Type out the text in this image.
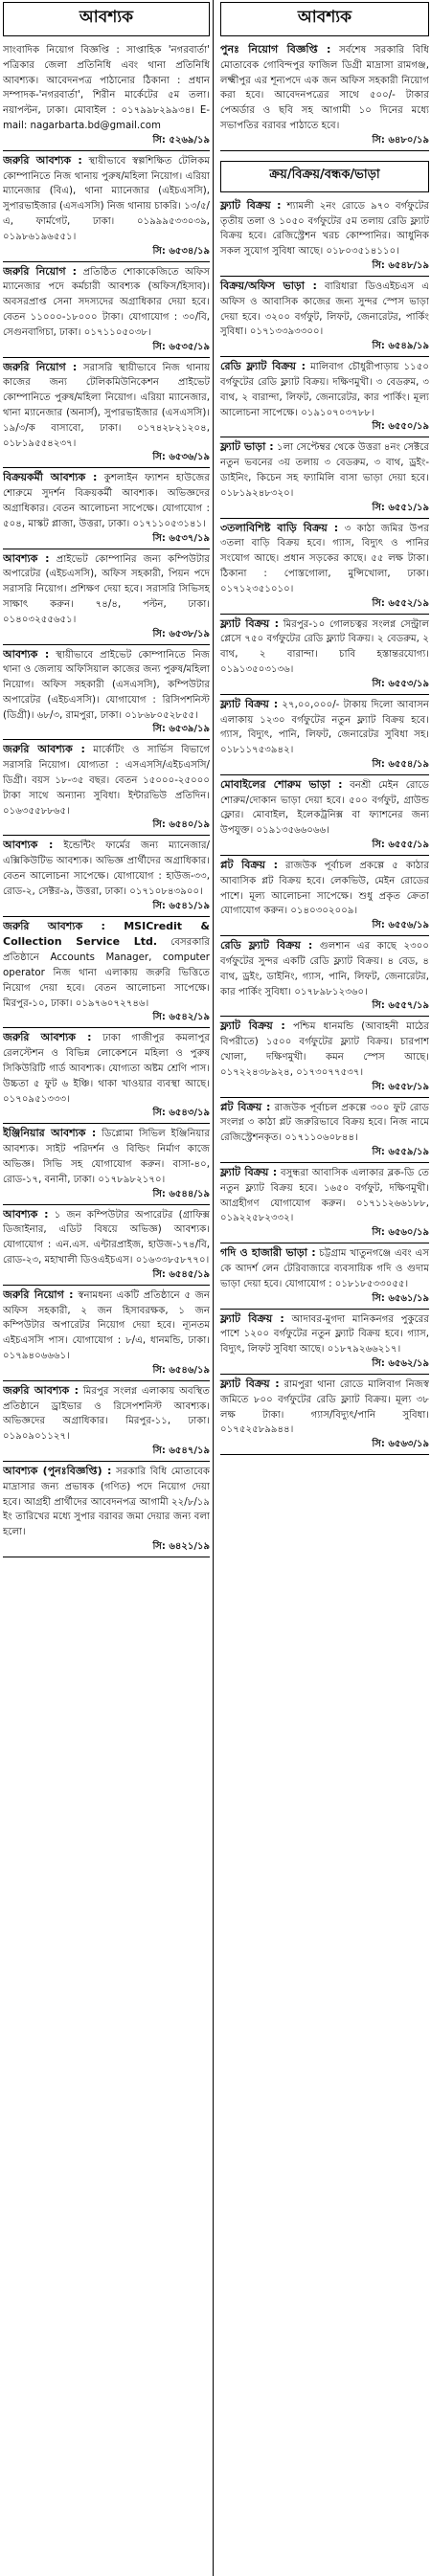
আবশ্যক

সাংবাদিক নিয়োগ বিজ্ঞপ্তি : সাপ্তাহিক 'নগরবার্তা' পত্রিকার জেলা প্রতিনিধি এবং থানা প্রতিনিধি আবশ্যক। আবেদনপত্র পাঠানোর ঠিকানা : প্রধান সম্পাদক-'নগরবার্তা', শিরীন মার্কেটের ৫ম তলা। নয়াপল্টন, ঢাকা। মোবাইল : ০১৭৯৯৮২৯৯৩৪। E-mail: nagarbarta.bd@gmail.com

সি: ৫২৬৯/১৯

জরুরি আবশ্যক : স্থায়ীভাবে স্বল্পশিক্ষিত টেলিকম কোম্পানিতে নিজ থানায় পুরুষ/মহিলা নিয়োগ। এরিয়া ম্যানেজার (বিএ), থানা ম্যানেজার (এইচএসসি), সুপারভাইজার (এসএসসি) নিজ থানায় চাকরি। ১৩/৫/এ, ফার্মগেট, ঢাকা। ০১৯৯৯৫৩৩০৩৯, ০১৯৮৬১৯৬৫৫১।

সি: ৬৫৩৪/১৯

জরুরি নিয়োগ : প্রতিষ্ঠিত শোকাকেজিতে অফিস ম্যানেজার পদে কর্মচারী আবশ্যক (অফিস/হিসাব)। অবসরপ্রাপ্ত সেনা সদস্যদের অগ্রাধিকার দেয়া হবে। বেতন ১১০০০-১৮০০০ টাকা। যোগাযোগ : ৩০/বি, সেগুনবাগিচা, ঢাকা। ০১৭১১০৫০৩৮।

সি: ৬৫৩৫/১৯

জরুরি নিয়োগ : সরাসরি স্থায়ীভাবে নিজ থানায় কাজের জন্য টেলিকমিউনিকেশন প্রাইভেট কোম্পানিতে পুরুষ/মহিলা নিয়োগ। এরিয়া ম্যানেজার, থানা ম্যানেজার (অনার্স), সুপারভাইজার (এসএসসি)। ১৯/৩/ক বাসাবো, ঢাকা। ০১৭৪২৮২১২০৪, ০১৮১৯৫৫৪২৩৭।

সি: ৬৫৩৬/১৯

বিক্রয়কর্মী আবশ্যক : কুশলাইন ফ্যাশন হাউজের শোরুমে সুদর্শন বিক্রয়কর্মী আবশ্যক। অভিজ্ঞদের অগ্রাধিকার। বেতন আলোচনা সাপেক্ষে। যোগাযোগ : ৫০৪, মাস্কট প্লাজা, উত্তরা, ঢাকা। ০১৭১১০৫৩১৪১।

সি: ৬৫৩৭/১৯

আবশ্যক : প্রাইভেট কোম্পানির জন্য কম্পিউটার অপারেটর (এইচএসসি), অফিস সহকারী, পিয়ন পদে সরাসরি নিয়োগ। প্রশিক্ষণ দেয়া হবে। সরাসরি সিভিসহ সাক্ষাৎ করুন। ৭৪/৪, পল্টন, ঢাকা। ০১৪০৩২৫৫৬৫১।

সি: ৬৫৩৮/১৯

আবশ্যক : স্থায়ীভাবে প্রাইভেট কোম্পানিতে নিজ থানা ও জেলায় অফিসিয়াল কাজের জন্য পুরুষ/মহিলা নিয়োগ। অফিস সহকারী (এসএসসি), কম্পিউটার অপারেটর (এইচএসসি)। যোগাযোগ : রিসিপশনিস্ট (ডিগ্রী)। ৬৮/৩, রামপুরা, ঢাকা। ০১৮৬৮০৫২৮৫৫।

সি: ৬৫৩৯/১৯

জরুরি আবশ্যক : মার্কেটিং ও সার্ভিস বিভাগে সরাসরি নিয়োগ। যোগ্যতা : এসএসসি/এইচএসসি/ডিগ্রী। বয়স ১৮-৩৫ বছর। বেতন ১৫০০০-২৫০০০ টাকা সাথে অন্যান্য সুবিধা। ইন্টারভিউ প্রতিদিন। ০১৬৩৫৫৮৮৬৫।

সি: ৬৫৪০/১৯

আবশ্যক : ইন্ডেন্টিং ফার্মের জন্য ম্যানেজার/এক্সিকিউটিভ আবশ্যক। অভিজ্ঞ প্রার্থীদের অগ্রাধিকার। বেতন আলোচনা সাপেক্ষে। যোগাযোগ : হাউজ-৩৩, রোড-২, সেক্টর-৯, উত্তরা, ঢাকা। ০১৭১০৮৪৩৯০০।

সি: ৬৫৪১/১৯

জরুরি আবশ্যক : MSICredit & Collection Service Ltd. বেসরকারি প্রতিষ্ঠানে Accounts Manager, computer operator নিজ থানা এলাকায় জরুরি ভিত্তিতে নিয়োগ দেয়া হবে। বেতন আলোচনা সাপেক্ষে। মিরপুর-১০, ঢাকা। ০১৯৭৬০৭২৭৪৬।

সি: ৬৫৪২/১৯

জরুরি আবশ্যক : ঢাকা গাজীপুর কমলাপুর রেলস্টেশন ও বিভিন্ন লোকেশনে মহিলা ও পুরুষ সিকিউরিটি গার্ড আবশ্যক। যোগ্যতা অষ্টম শ্রেণি পাস। উচ্চতা ৫ ফুট ৬ ইঞ্চি। থাকা খাওয়ার ব্যবস্থা আছে। ০১৭০৯৫১৩৩৩।

সি: ৬৫৪৩/১৯

ইঞ্জিনিয়ার আবশ্যক : ডিপ্লোমা সিভিল ইঞ্জিনিয়ার আবশ্যক। সাইট পরিদর্শন ও বিল্ডিং নির্মাণ কাজে অভিজ্ঞ। সিভি সহ যোগাযোগ করুন। বাসা-৪০, রোড-১৭, বনানী, ঢাকা। ০১৭৮৯৮২১৭০।

সি: ৬৫৪৪/১৯

আবশ্যক : ১ জন কম্পিউটার অপারেটর (গ্রাফিক্স ডিজাইনার, এডিট বিষয়ে অভিজ্ঞ) আবশ্যক। যোগাযোগ : এন.এস. এন্টারপ্রাইজ, হাউজ-১৭৪/বি, রোড-২৩, মহাখালী ডিওএইচএস। ০১৬৩৩৮৫৮৭৭০।

সি: ৬৫৪৫/১৯

জরুরি নিয়োগ : স্বনামধন্য একটি প্রতিষ্ঠানে ৫ জন অফিস সহকারী, ২ জন হিসাবরক্ষক, ১ জন কম্পিউটার অপারেটর নিয়োগ দেয়া হবে। ন্যূনতম এইচএসসি পাস। যোগাযোগ : ৮/এ, ধানমন্ডি, ঢাকা। ০১৭৯৪০৬৬৬১।

সি: ৬৫৪৬/১৯

জরুরি আবশ্যক : মিরপুর সংলগ্ন এলাকায় অবস্থিত প্রতিষ্ঠানে ড্রাইভার ও রিসেপশনিস্ট আবশ্যক। অভিজ্ঞদের অগ্রাধিকার। মিরপুর-১১, ঢাকা। ০১৯০৯০১১২৭।

সি: ৬৫৪৭/১৯

আবশ্যক (পুনঃবিজ্ঞপ্তি) : সরকারি বিধি মোতাবেক মাদ্রাসার জন্য প্রভাষক (গণিত) পদে নিয়োগ দেয়া হবে। আগ্রহী প্রার্থীদের আবেদনপত্র আগামী ২২/৮/১৯ ইং তারিখের মধ্যে সুপার বরাবর জমা দেয়ার জন্য বলা হলো।

সি: ৬৪২১/১৯
আবশ্যক

পুনঃ নিয়োগ বিজ্ঞপ্তি : সর্বশেষ সরকারি বিধি মোতাবেক গোবিন্দপুর ফাজিল ডিগ্রী মাদ্রাসা রামগঞ্জ, লক্ষ্মীপুর এর শূন্যপদে এক জন অফিস সহকারী নিয়োগ করা হবে। আবেদনপত্রের সাথে ৫০০/- টাকার পেঅর্ডার ও ছবি সহ আগামী ১০ দিনের মধ্যে সভাপতির বরাবর পাঠাতে হবে।

সি: ৬৪৮০/১৯
ক্রয়/বিক্রয়/বন্ধক/ভাড়া

ফ্ল্যাট বিক্রয় : শ্যামলী ২নং রোডে ৯৭০ বর্গফুটের তৃতীয় তলা ও ১০৫০ বর্গফুটের ৫ম তলায় রেডি ফ্ল্যাট বিক্রয় হবে। রেজিস্ট্রেশন খরচ কোম্পানির। আধুনিক সকল সুযোগ সুবিধা আছে। ০১৮০৩৫১৪১১০।

সি: ৬৫৪৮/১৯

বিক্রয়/অফিস ভাড়া : বারিধারা ডিওএইচএস এ অফিস ও আবাসিক কাজের জন্য সুন্দর স্পেস ভাড়া দেয়া হবে। ৩২০০ বর্গফুট, লিফট, জেনারেটর, পার্কিং সুবিধা। ০১৭১৩৩৯৩৩০০।

সি: ৬৫৪৯/১৯

রেডি ফ্ল্যাট বিক্রয় : মালিবাগ চৌধুরীপাড়ায় ১১৫০ বর্গফুটের রেডি ফ্ল্যাট বিক্রয়। দক্ষিণমুখী। ৩ বেডরুম, ৩ বাথ, ২ বারান্দা, লিফট, জেনারেটর, কার পার্কিং। মূল্য আলোচনা সাপেক্ষে। ০১৯১০৭০৩৭৮৮।

সি: ৬৫৫০/১৯

ফ্ল্যাট ভাড়া : ১লা সেপ্টেম্বর থেকে উত্তরা ৪নং সেক্টরে নতুন ভবনের ৩য় তলায় ৩ বেডরুম, ৩ বাথ, ড্রইং-ডাইনিং, কিচেন সহ ফ্যামিলি বাসা ভাড়া দেয়া হবে। ০১৮১৯২৪৮৩২০।

সি: ৬৫৫১/১৯

৩তলাবিশিষ্ট বাড়ি বিক্রয় : ৩ কাঠা জমির উপর ৩তলা বাড়ি বিক্রয় হবে। গ্যাস, বিদ্যুৎ ও পানির সংযোগ আছে। প্রধান সড়কের কাছে। ৫৫ লক্ষ টাকা। ঠিকানা : পোস্তগোলা, মুন্সিখোলা, ঢাকা। ০১৭১২৩৫১০১০।

সি: ৬৫৫২/১৯

ফ্ল্যাট বিক্রয় : মিরপুর-১০ গোলচত্বর সংলগ্ন সেন্ট্রাল প্লেসে ৭৫০ বর্গফুটের রেডি ফ্ল্যাট বিক্রয়। ২ বেডরুম, ২ বাথ, ২ বারান্দা। চাবি হস্তান্তরযোগ্য। ০১৯১৩৫০৩১৩৬।

সি: ৬৫৫৩/১৯

ফ্ল্যাট বিক্রয় : ২৭,০০,০০০/- টাকায় দিলো আবাসন এলাকায় ১২৩০ বর্গফুটের নতুন ফ্ল্যাট বিক্রয় হবে। গ্যাস, বিদ্যুৎ, পানি, লিফট, জেনারেটর সুবিধা সহ। ০১৮১১৭৫৩৯৪২।

সি: ৬৫৫৪/১৯

মোবাইলের শোরুম ভাড়া : বনশ্রী মেইন রোডে শোরুম/দোকান ভাড়া দেয়া হবে। ৫০০ বর্গফুট, গ্রাউন্ড ফ্লোর। মোবাইল, ইলেকট্রনিক্স বা ফ্যাশনের জন্য উপযুক্ত। ০১৯১৩৫৬৬০৬৬।

সি: ৬৫৫৫/১৯

প্লট বিক্রয় : রাজউক পূর্বাচল প্রকল্পে ৫ কাঠার আবাসিক প্লট বিক্রয় হবে। লেকভিউ, মেইন রোডের পাশে। মূল্য আলোচনা সাপেক্ষে। শুধু প্রকৃত ক্রেতা যোগাযোগ করুন। ০১৪০৩০২০০৯।

সি: ৬৫৫৬/১৯

রেডি ফ্ল্যাট বিক্রয় : গুলশান এর কাছে ২৩০০ বর্গফুটের সুন্দর একটি রেডি ফ্ল্যাট বিক্রয়। ৪ বেড, ৪ বাথ, ড্রইং, ডাইনিং, গ্যাস, পানি, লিফট, জেনারেটর, কার পার্কিং সুবিধা। ০১৭৮৯৮১২৩৬০।

সি: ৬৫৫৭/১৯

ফ্ল্যাট বিক্রয় : পশ্চিম ধানমন্ডি (আবাহনী মাঠের বিপরীতে) ১৫০০ বর্গফুটের ফ্ল্যাট বিক্রয়। চারপাশ খোলা, দক্ষিণমুখী। কমন স্পেস আছে। ০১৭২২৪৩৮৯২৪, ০১৭৩০৭৭৫৩৭।

সি: ৬৫৫৮/১৯

প্লট বিক্রয় : রাজউক পূর্বাচল প্রকল্পে ৩০০ ফুট রোড সংলগ্ন ৩ কাঠা প্লট জরুরিভাবে বিক্রয় হবে। নিজ নামে রেজিস্ট্রেশনকৃত। ০১৭১১০৬০৮৪৪।

সি: ৬৫৫৯/১৯

ফ্ল্যাট বিক্রয় : বসুন্ধরা আবাসিক এলাকার ব্লক-ডি তে নতুন ফ্ল্যাট বিক্রয় হবে। ১৬৫০ বর্গফুট, দক্ষিণমুখী। আগ্রহীগণ যোগাযোগ করুন। ০১৭১১২৬৬১৮৮, ০১৯২২৫৮২৩৩২।

সি: ৬৫৬০/১৯

গদি ও হাজারী ভাড়া : চট্টগ্রাম খাতুনগঞ্জে এবং এস কে আদর্শ লেন টেরিবাজারে ব্যবসায়িক গদি ও গুদাম ভাড়া দেয়া হবে। যোগাযোগ : ০১৮১৮৫৩৩০৫৫।

সি: ৬৫৬১/১৯

ফ্ল্যাট বিক্রয় : আদাবর-মুগদা মানিকনগর পুকুরের পাশে ১২০০ বর্গফুটের নতুন ফ্ল্যাট বিক্রয় হবে। গ্যাস, বিদ্যুৎ, লিফট সুবিধা আছে। ০১৮৭৯২৬৬২১৭।

সি: ৬৫৬২/১৯

ফ্ল্যাট বিক্রয় : রামপুরা থানা রোডে মালিবাগ নিজস্ব জমিতে ৮০০ বর্গফুটের রেডি ফ্ল্যাট বিক্রয়। মূল্য ৩৮ লক্ষ টাকা। গ্যাস/বিদ্যুৎ/পানি সুবিধা। ০১৭৫২৫৮৯৯৪৪।

সি: ৬৫৬৩/১৯
